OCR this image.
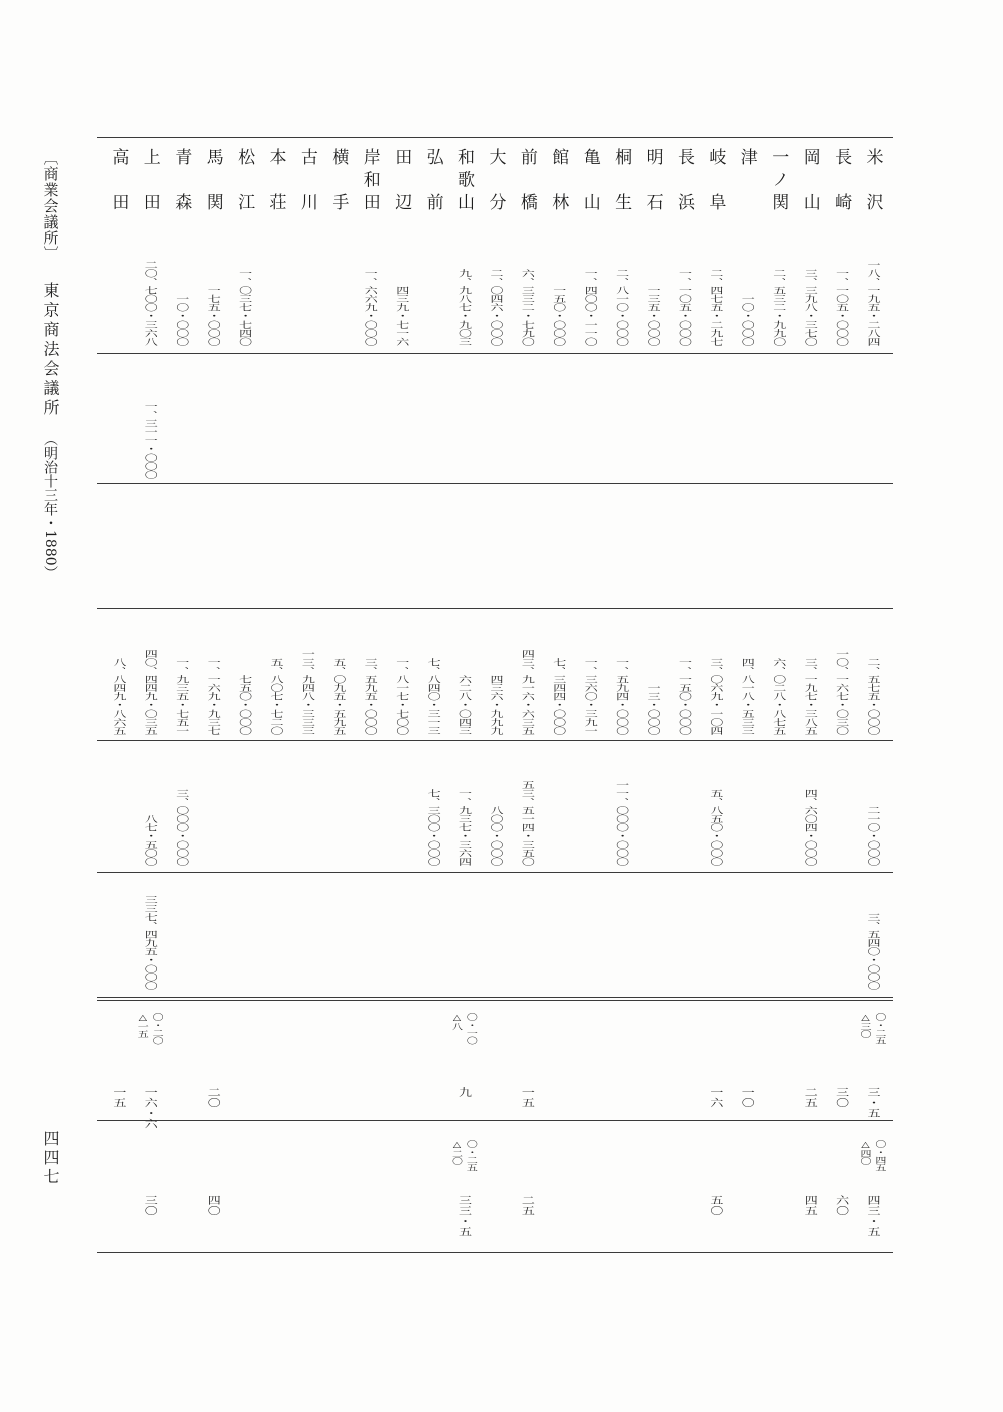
〔商業会議所〕
東京商法会議所
（明治十三年・1880）
四四七
米沢
一八、一九五・二八四
二、五七五・〇〇〇
二一〇・〇〇〇
三、五四〇・〇〇〇
三・五
四三・五
〇・二五
△三〇
〇・四五
△四〇
長崎
一、一〇五・〇〇〇
一〇、一六七・〇三〇
三〇
六〇
岡山
三、三九八・三七〇
三、一九七・三八五
四、六〇四・〇〇〇
二五
四五
一ノ関
二、五三二・九九〇
六、〇二八・八七五
津
一〇・〇〇〇
四、八一八・五三三
一〇
岐阜
二、四七五・二九七
三、〇六九・一〇四
五、八五〇・〇〇〇
一六
五〇
長浜
一、一〇五・〇〇〇
一、一五〇・〇〇〇
明石
一三五・〇〇〇
一三・〇〇〇
桐生
二、八一〇・〇〇〇
一、五九四・〇〇〇
一一、〇〇〇・〇〇〇
亀山
一、四〇〇・一一〇
一、三六〇・三九一
館林
一五〇・〇〇〇
七、三四四・〇〇〇
前橋
六、三三二・七九〇
四三、九一六・六三五
五三、五一四・三五〇
一五
二五
大分
二、〇四六・〇〇〇
四三六・九九九
八〇〇・〇〇〇
和歌山
九、九八七・九〇三
六二八・〇四三
一、九三七・三六四
九
三三・五
〇・一〇
△八
〇・二五
△二〇
弘前
七、八四〇・三一三
七、三〇〇・〇〇〇
田辺
四三九・七一六
一、八一七・七〇〇
岸和田
一、六六九・〇〇〇
三、五九五・〇〇〇
横手
五、〇九五・五九五
古川
一三、九四八・三三三
本荘
五、八〇七・七二〇
松江
一、〇三七・七四〇
七五〇・〇〇〇
馬関
一七五・〇〇〇
一、一六九・九三七
二〇
四〇
青森
一〇・〇〇〇
一、九三五・七五一
三、〇〇〇・〇〇〇
上田
二〇、七〇〇・三六八
一、三一一・〇〇〇
四〇、四四九・〇三五
八七・五〇〇
三三七、四九五・〇〇〇
一六・六
三〇
〇・二〇
△一五
高田
八、八四九・八六五
一五
